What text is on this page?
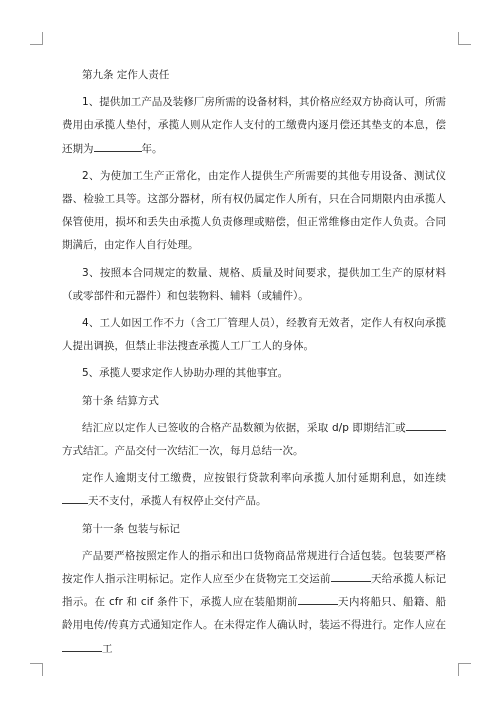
第九条 定作人责任

1、提供加工产品及装修厂房所需的设备材料，其价格应经双方协商认可，所需费用由承揽人垫付，承揽人则从定作人支付的工缴费内逐月偿还其垫支的本息，偿还期为	年。

2、为使加工生产正常化，由定作人提供生产所需要的其他专用设备、测试仪器、检验工具等。这部分器材，所有权仍属定作人所有，只在合同期限内由承揽人保管使用，损坏和丢失由承揽人负责修理或赔偿，但正常维修由定作人负责。合同期满后，由定作人自行处理。

3、按照本合同规定的数量、规格、质量及时间要求，提供加工生产的原材料（或零部件和元器件）和包装物料、辅料（或辅件）。

4、工人如因工作不力（含工厂管理人员），经教育无效者，定作人有权向承揽人提出调换，但禁止非法搜查承揽人工厂工人的身体。

5、承揽人要求定作人协助办理的其他事宜。

第十条 结算方式

结汇应以定作人已签收的合格产品数额为依据，采取 d/p 即期结汇或方式结汇。产品交付一次结汇一次，每月总结一次。

定作人逾期支付工缴费，应按银行贷款利率向承揽人加付延期利息，如连续天不支付，承揽人有权停止交付产品。

第十一条 包装与标记

产品要严格按照定作人的指示和出口货物商品常规进行合适包装。包装要严格按定作人指示注明标记。定作人应至少在货物完工交运前	天给承揽人标记指示。在 cfr 和 cif 条件下，承揽人应在装船期前	天内将船只、船籍、船龄用电传/传真方式通知定作人。在未得定作人确认时，装运不得进行。定作人应在工
